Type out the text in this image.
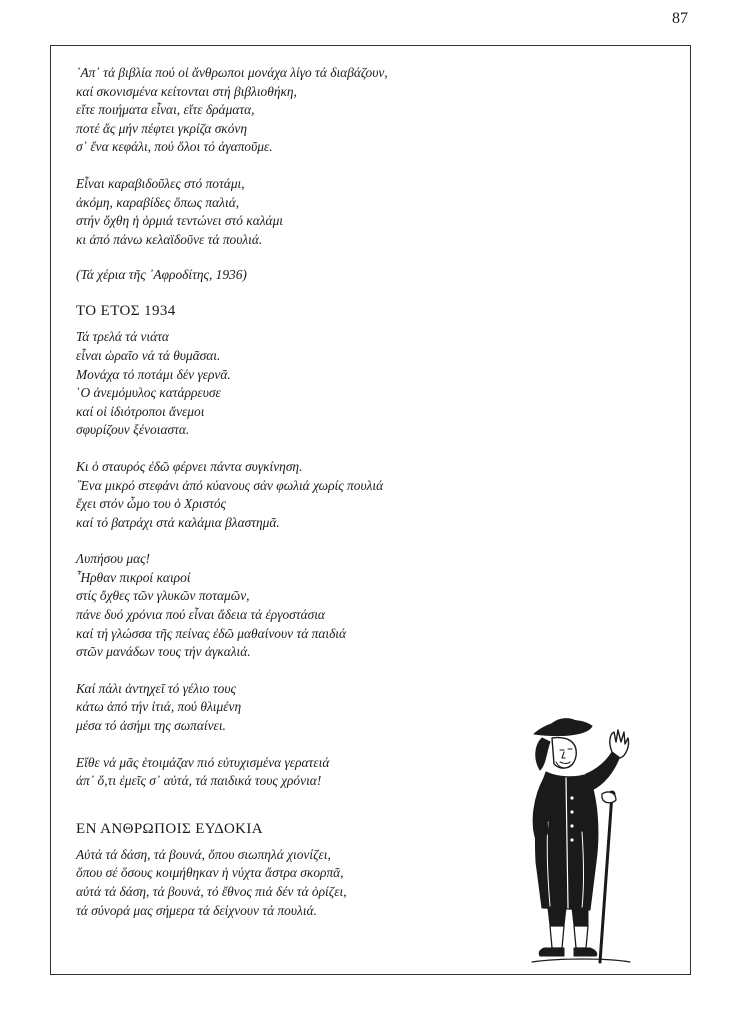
87
᾿Απ᾿ τά βιβλία πού οἱ ἄνθρωποι μονάχα λίγο τά διαβάζουν,
καί σκονισμένα κείτονται στή βιβλιοθήκη,
εἴτε ποιήματα εἶναι, εἴτε δράματα,
ποτέ ἄς μήν πέφτει γκρίζα σκόνη
σ᾿ ἕνα κεφάλι, πού ὅλοι τό ἀγαποῦμε.
Εἶναι καραβιδοῦλες στό ποτάμι,
ἀκόμη, καραβίδες ὅπως παλιά,
στήν ὄχθη ἡ ὁρμιά τεντώνει στό καλάμι
κι ἀπό πάνω κελαϊδοῦνε τά πουλιά.
(Τά χέρια τῆς ᾿Αφροδίτης, 1936)
ΤΟ ΕΤΟΣ 1934
Τά τρελά τά νιάτα
εἶναι ὡραῖο νά τά θυμᾶσαι.
Μονάχα τό ποτάμι δέν γερνᾶ.
῾Ο ἀνεμόμυλος κατάρρευσε
καί οἱ ἰδιότροποι ἄνεμοι
σφυρίζουν ξένοιαστα.
Κι ὁ σταυρός ἐδῶ φέρνει πάντα συγκίνηση.
῞Ενα μικρό στεφάνι ἀπό κύανους σάν φωλιά χωρίς πουλιά
ἔχει στόν ὦμο του ὁ Χριστός
καί τό βατράχι στά καλάμια βλαστημᾶ.
Λυπήσου μας!
῏Ηρθαν πικροί καιροί
στίς ὄχθες τῶν γλυκῶν ποταμῶν,
πάνε δυό χρόνια πού εἶναι ἄδεια τά ἐργοστάσια
καί τή γλώσσα τῆς πείνας ἐδῶ μαθαίνουν τά παιδιά
στῶν μανάδων τους τήν ἀγκαλιά.
Καί πάλι ἀντηχεῖ τό γέλιο τους
κάτω ἀπό τήν ἰτιά, πού θλιμένη
μέσα τό ἀσήμι της σωπαίνει.
Εἴθε νά μᾶς ἑτοιμάζαν πιό εὐτυχισμένα γερατειά
ἀπ᾿ ὅ,τι ἐμεῖς σ᾿ αὐτά, τά παιδικά τους χρόνια!
ΕΝ ΑΝΘΡΩΠΟΙΣ ΕΥΔΟΚΙΑ
Αὐτά τά δάση, τά βουνά, ὅπου σιωπηλά χιονίζει,
ὅπου σέ ὅσους κοιμήθηκαν ἡ νύχτα ἄστρα σκορπᾶ,
αὐτά τά δάση, τά βουνά, τό ἔθνος πιά δέν τά ὁρίζει,
τά σύνορά μας σήμερα τά δείχνουν τά πουλιά.
